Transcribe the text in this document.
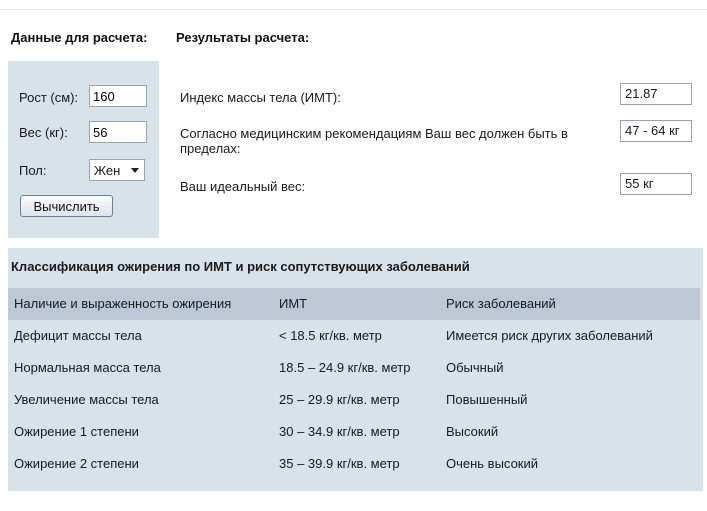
Данные для расчета: Результаты расчета:
Рост (см):
160
Вес (кг):
56
Пол:	Жен
Вычислить
Индекс массы тела (ИМТ):	21.87
Согласно медицинским рекомендациям Ваш вес должен быть в пределах:
47 - 64 кг
Ваш идеальный вес:	55 кг
Классификация ожирения по ИМТ и риск сопутствующих заболеваний
Наличие и выраженность ожирения	ИМТ	Риск заболеваний
Дефицит массы тела	< 18.5 кг/кв. метр	Имеется риск других заболеваний
Нормальная масса тела	18.5 – 24.9 кг/кв. метр	Обычный
Увеличение массы тела	25 – 29.9 кг/кв. метр	Повышенный
Ожирение 1 степени	30 – 34.9 кг/кв. метр	Высокий
Ожирение 2 степени	35 – 39.9 кг/кв. метр	Очень высокий
